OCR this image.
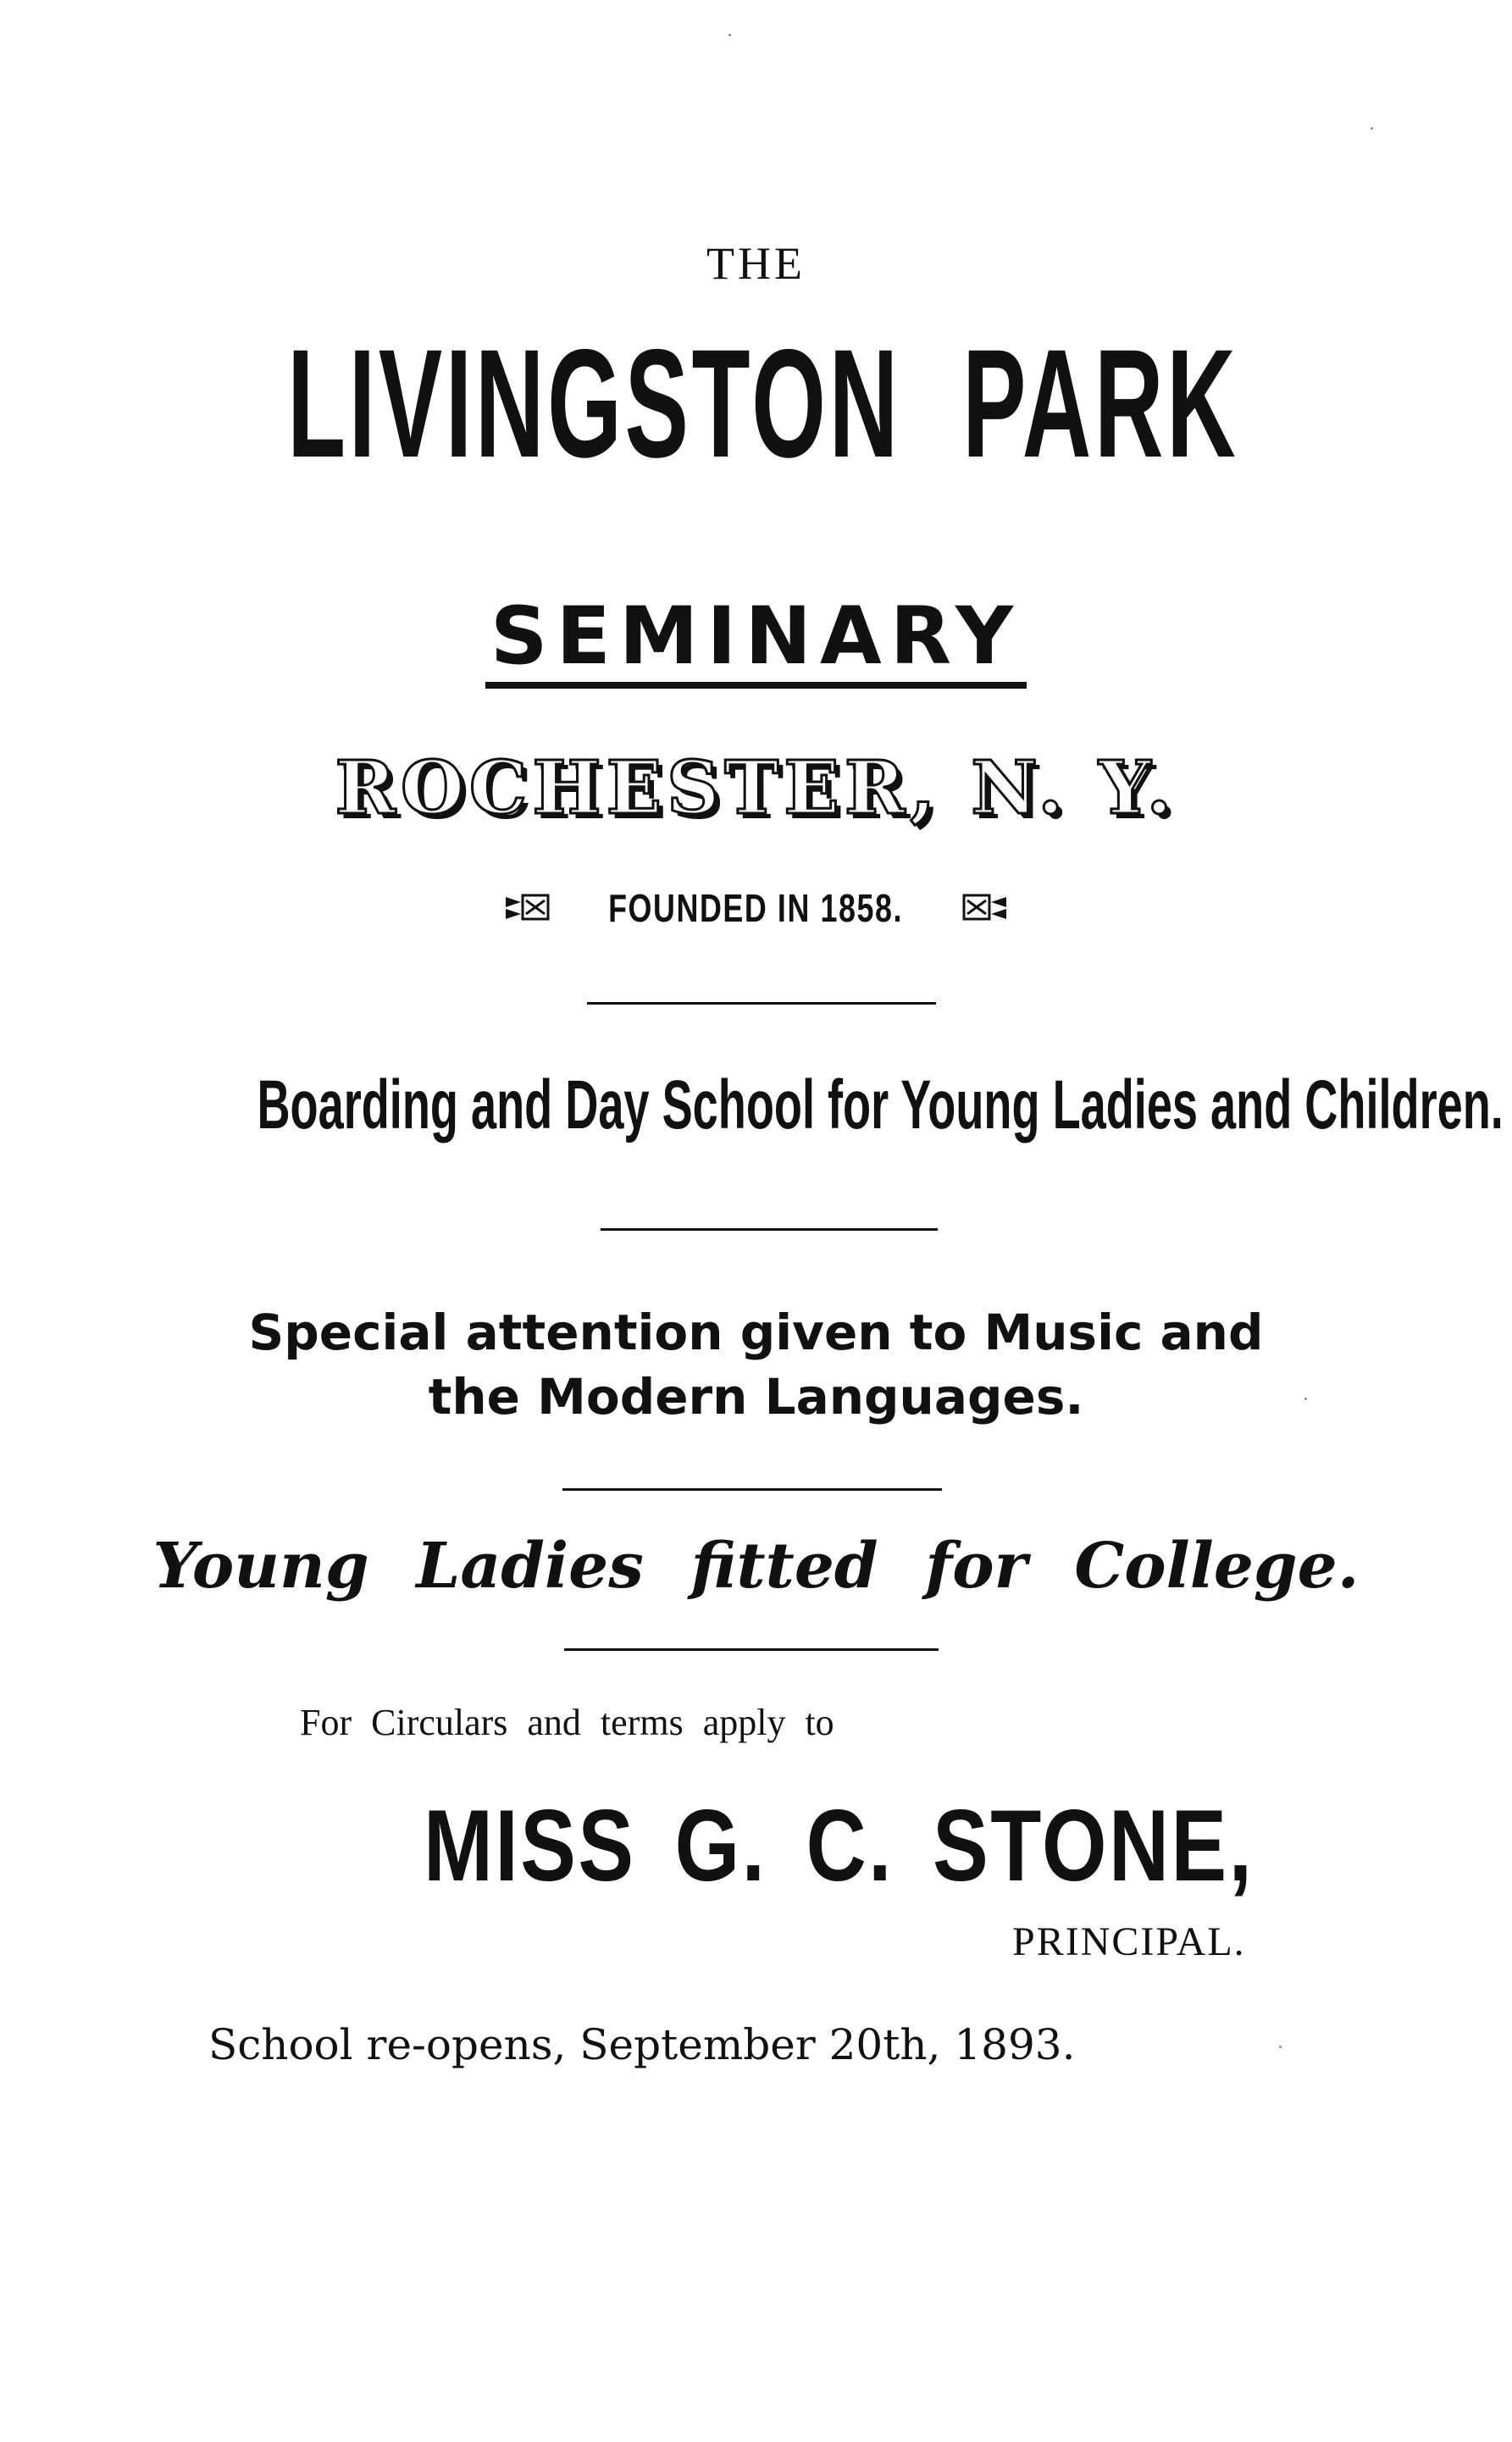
THE
LIVINGSTON PARK
SEMINARY
ROCHESTER, N. Y.
FOUNDED IN 1858.
Boarding and Day School for Young Ladies and Children.
Special attention given to Music and
the Modern Languages.
Young Ladies fitted for College.
For Circulars and terms apply to
MISS G. C. STONE,
PRINCIPAL.
School re-opens, September 20th, 1893.
